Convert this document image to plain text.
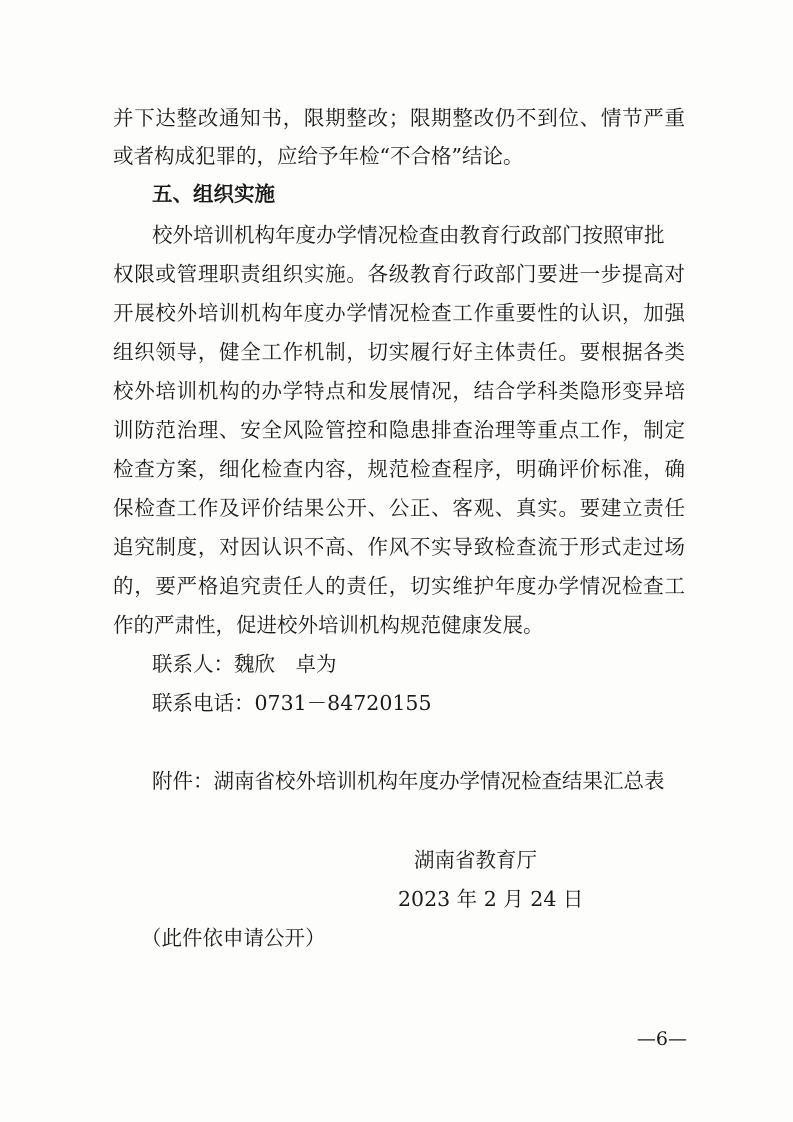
并下达整改通知书，限期整改；限期整改仍不到位、情节严重
或者构成犯罪的，应给予年检“不合格”结论。
五、组织实施
校外培训机构年度办学情况检查由教育行政部门按照审批
权限或管理职责组织实施。各级教育行政部门要进一步提高对
开展校外培训机构年度办学情况检查工作重要性的认识，加强
组织领导，健全工作机制，切实履行好主体责任。要根据各类
校外培训机构的办学特点和发展情况，结合学科类隐形变异培
训防范治理、安全风险管控和隐患排查治理等重点工作，制定
检查方案，细化检查内容，规范检查程序，明确评价标准，确
保检查工作及评价结果公开、公正、客观、真实。要建立责任
追究制度，对因认识不高、作风不实导致检查流于形式走过场
的，要严格追究责任人的责任，切实维护年度办学情况检查工
作的严肃性，促进校外培训机构规范健康发展。
联系人：魏欣　卓为
联系电话：0731－84720155
附件：湖南省校外培训机构年度办学情况检查结果汇总表
湖南省教育厅
2023 年 2 月 24 日
（此件依申请公开）
—6—
